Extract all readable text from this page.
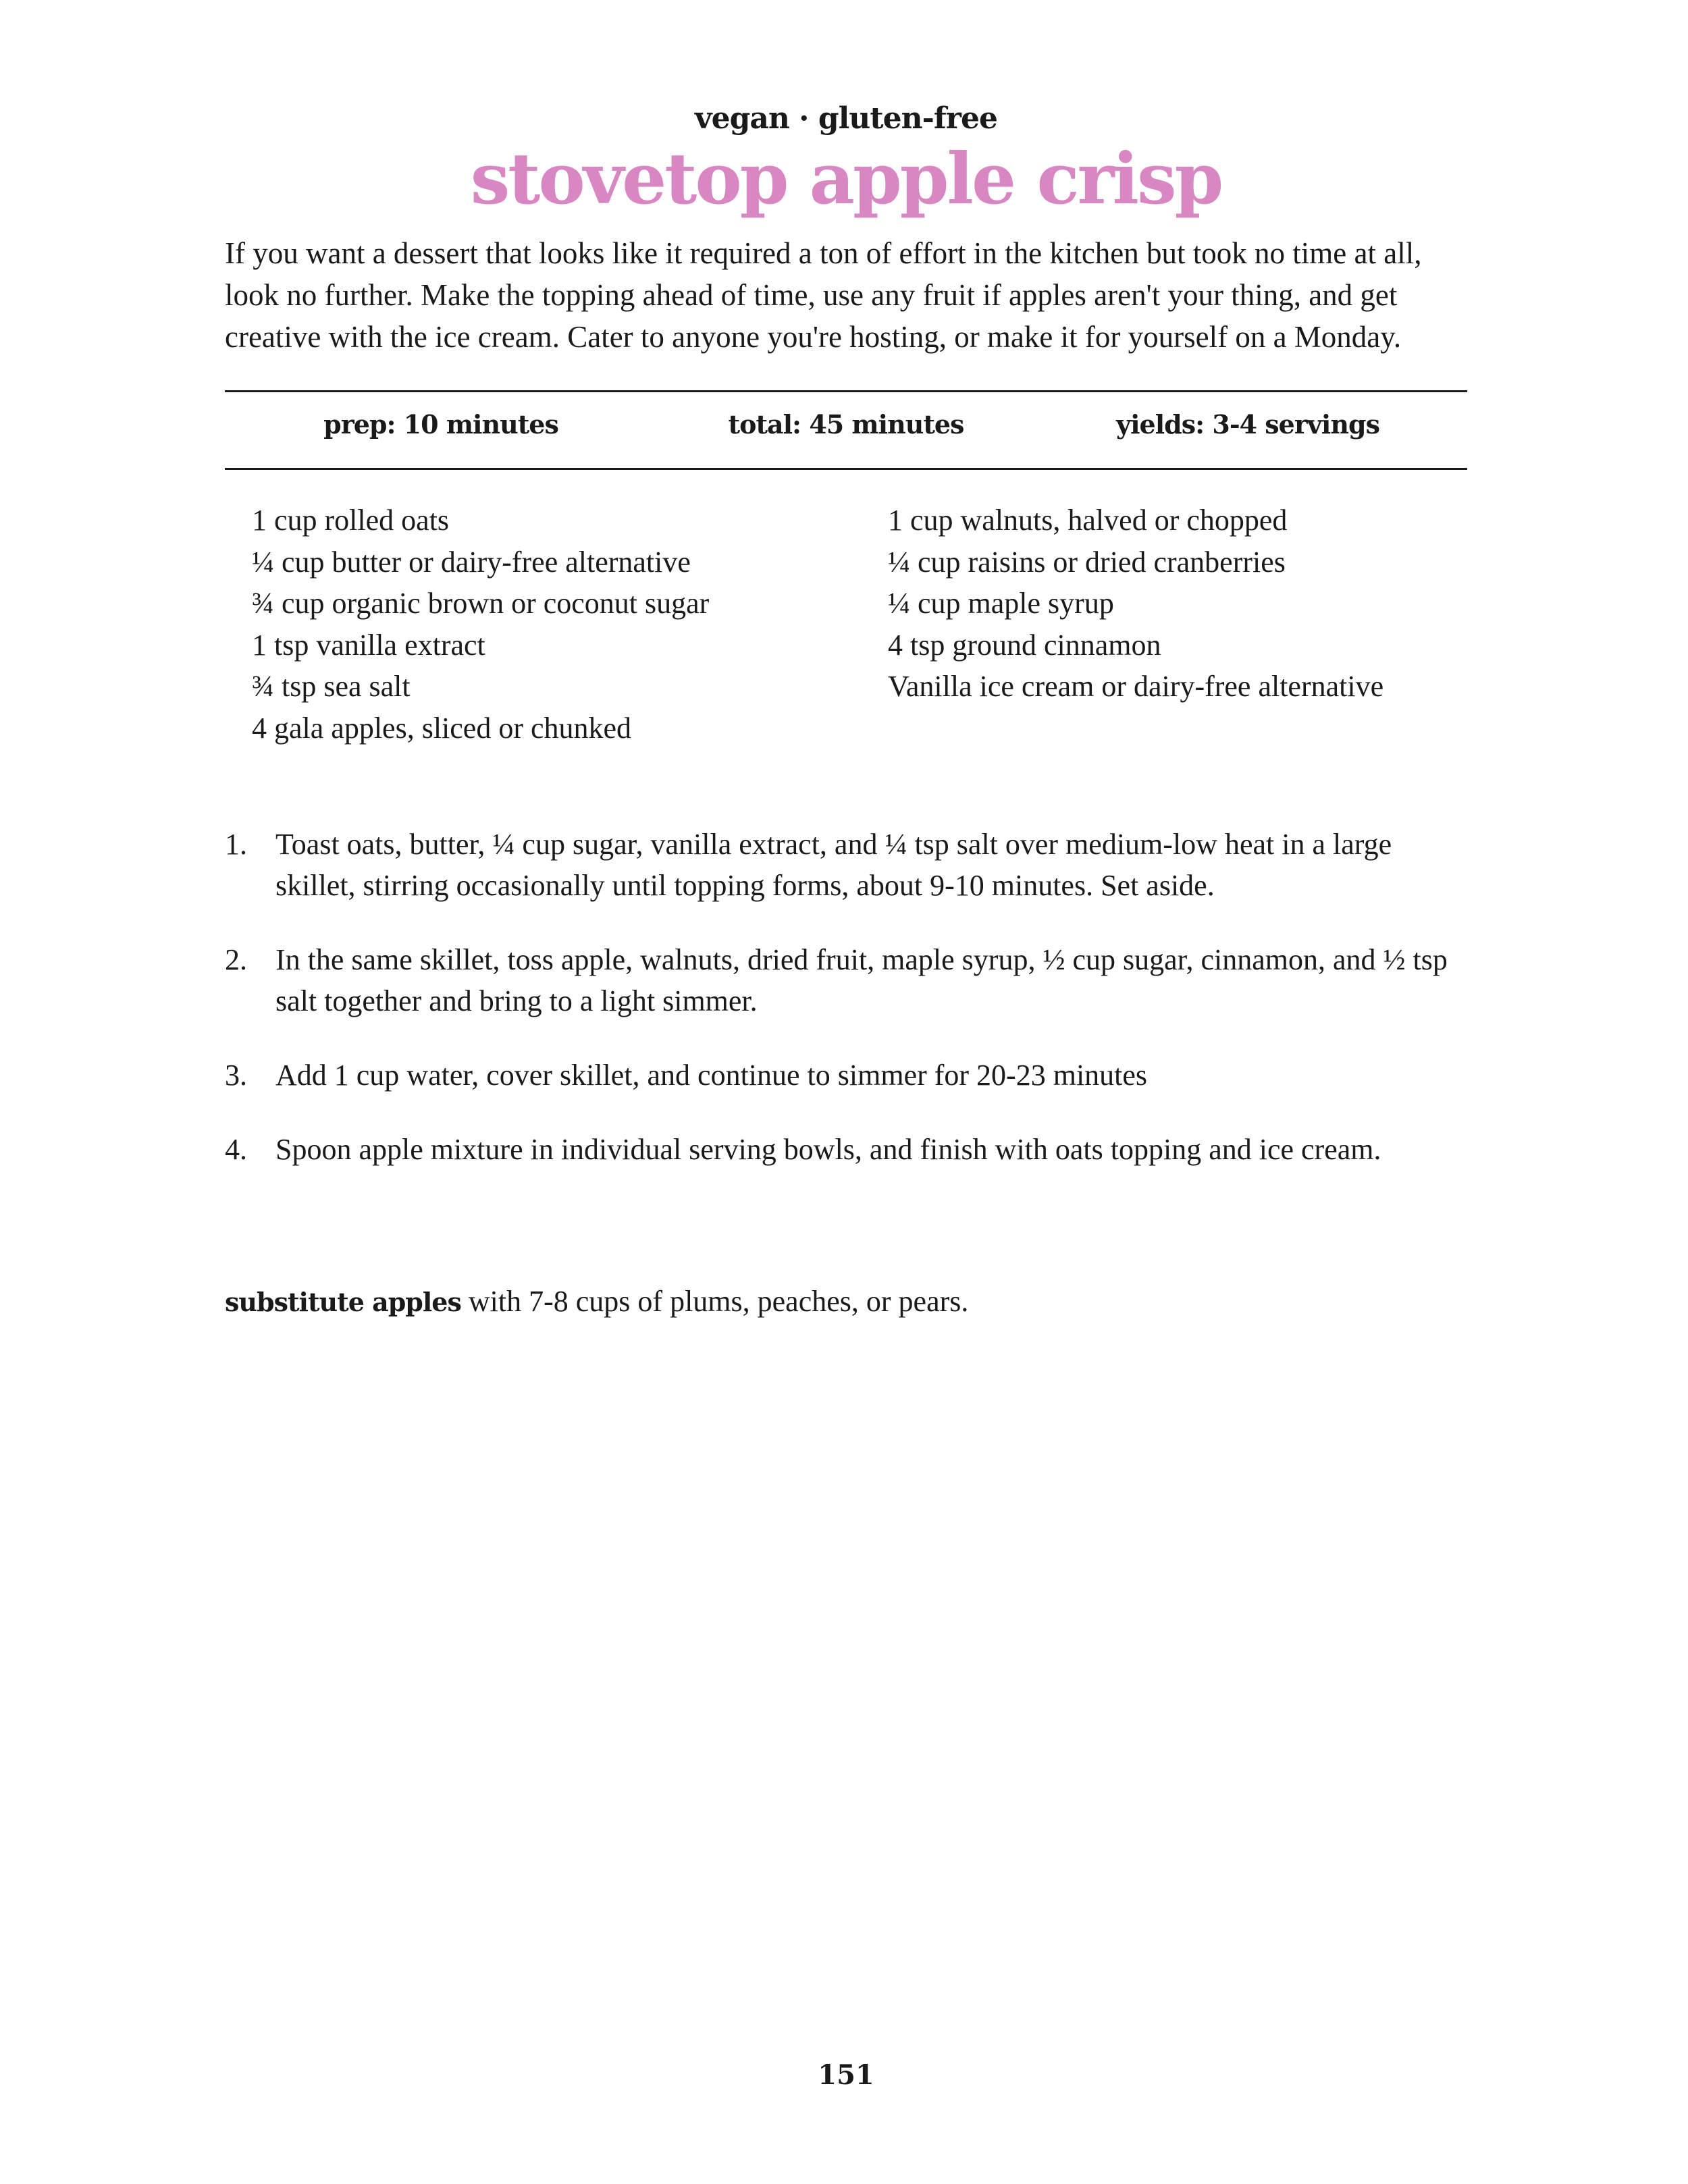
vegan · gluten-free
stovetop apple crisp

If you want a dessert that looks like it required a ton of effort in the kitchen but took no time at all, look no further. Make the topping ahead of time, use any fruit if apples aren't your thing, and get creative with the ice cream. Cater to anyone you're hosting, or make it for yourself on a Monday.

prep: 10 minutes	total: 45 minutes	yields: 3-4 servings
1 cup rolled oats
¼ cup butter or dairy-free alternative
¾ cup organic brown or coconut sugar
1 tsp vanilla extract
¾ tsp sea salt
4 gala apples, sliced or chunked
1 cup walnuts, halved or chopped
¼ cup raisins or dried cranberries
¼ cup maple syrup
4 tsp ground cinnamon
Vanilla ice cream or dairy-free alternative
1. Toast oats, butter, ¼ cup sugar, vanilla extract, and ¼ tsp salt over medium-low heat in a large skillet, stirring occasionally until topping forms, about 9-10 minutes. Set aside.
2. In the same skillet, toss apple, walnuts, dried fruit, maple syrup, ½ cup sugar, cinnamon, and ½ tsp salt together and bring to a light simmer.
3. Add 1 cup water, cover skillet, and continue to simmer for 20-23 minutes
4. Spoon apple mixture in individual serving bowls, and finish with oats topping and ice cream.

substitute apples with 7-8 cups of plums, peaches, or pears.

151
